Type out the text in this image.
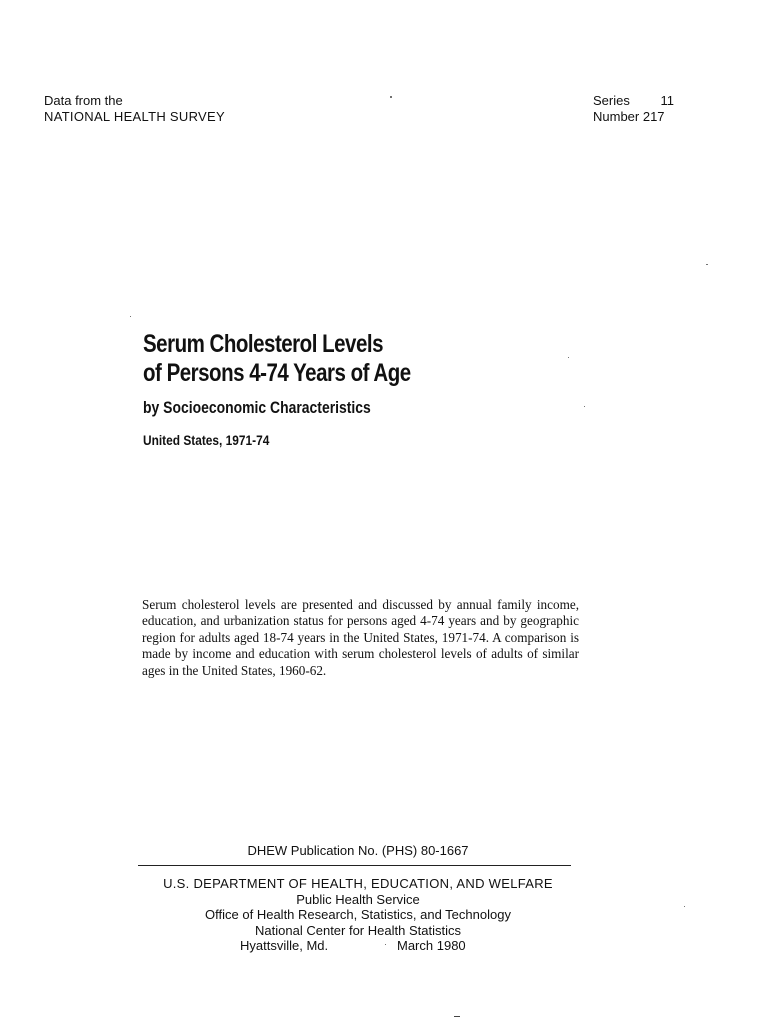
Data from the
NATIONAL HEALTH SURVEY
Series 11
Number 217
Serum Cholesterol Levels
of Persons 4-74 Years of Age
by Socioeconomic Characteristics
United States, 1971-74
Serum cholesterol levels are presented and discussed by annual family income, education, and urbanization status for persons aged 4-74 years and by geographic region for adults aged 18-74 years in the United States, 1971-74. A comparison is made by income and education with serum cholesterol levels of adults of similar ages in the United States, 1960-62.
DHEW Publication No. (PHS) 80-1667
U.S. DEPARTMENT OF HEALTH, EDUCATION, AND WELFARE
Public Health Service
Office of Health Research, Statistics, and Technology
National Center for Health Statistics
Hyattsville, Md.	March 1980
